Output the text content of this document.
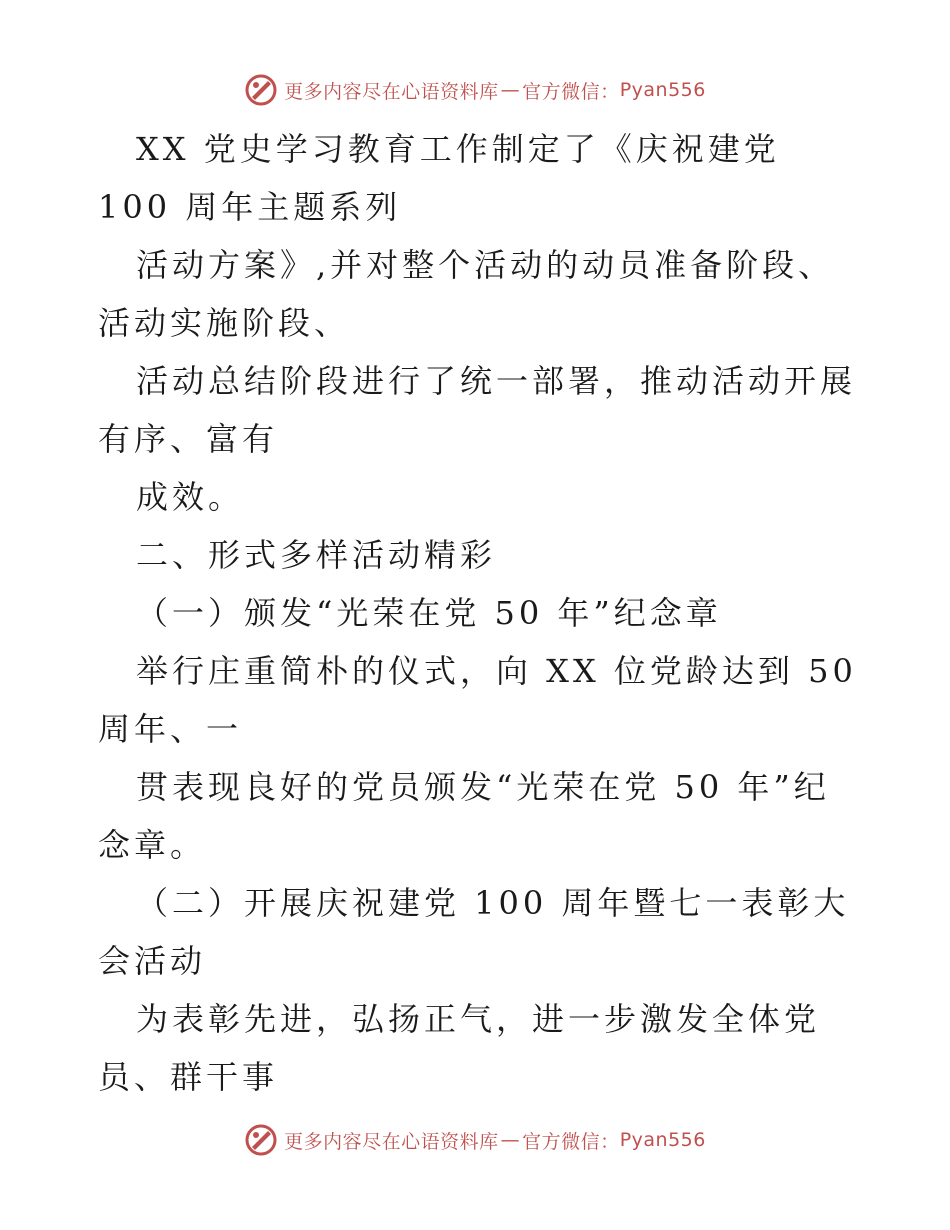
更多内容尽在心语资料库 — 官方微信： Pyan556

XX 党史学习教育工作制定了《庆祝建党 100 周年主题系列

活动方案》,并对整个活动的动员准备阶段、活动实施阶段、

活动总结阶段进行了统一部署，推动活动开展有序、富有

成效。

二、形式多样活动精彩

（一）颁发“光荣在党 50 年”纪念章

举行庄重简朴的仪式，向 XX 位党龄达到 50 周年、一

贯表现良好的党员颁发“光荣在党 50 年”纪念章。

（二）开展庆祝建党 100 周年暨七一表彰大会活动

为表彰先进，弘扬正气，进一步激发全体党员、群干事

更多内容尽在心语资料库 — 官方微信： Pyan556
